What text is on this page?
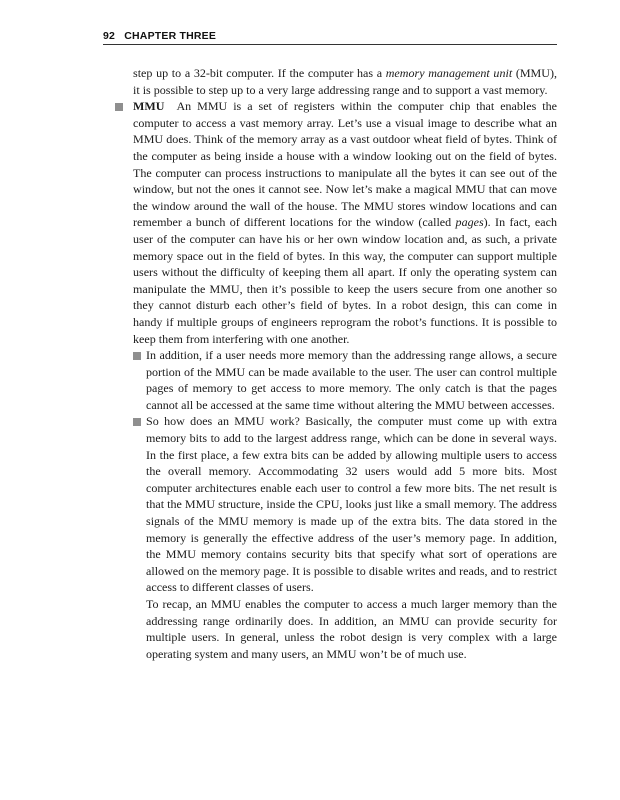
92 CHAPTER THREE

step up to a 32-bit computer. If the computer has a memory management unit (MMU), it is possible to step up to a very large addressing range and to support a vast memory.

MMU An MMU is a set of registers within the computer chip that enables the computer to access a vast memory array. Let’s use a visual image to describe what an MMU does. Think of the memory array as a vast outdoor wheat field of bytes. Think of the computer as being inside a house with a window looking out on the field of bytes. The computer can process instructions to manipulate all the bytes it can see out of the window, but not the ones it cannot see. Now let’s make a magical MMU that can move the window around the wall of the house. The MMU stores window locations and can remember a bunch of different locations for the window (called pages). In fact, each user of the computer can have his or her own window location and, as such, a private memory space out in the field of bytes. In this way, the computer can support multiple users without the difficulty of keeping them all apart. If only the operating system can manipulate the MMU, then it’s possible to keep the users secure from one another so they cannot disturb each other’s field of bytes. In a robot design, this can come in handy if multiple groups of engineers reprogram the robot’s functions. It is possible to keep them from interfering with one another.

In addition, if a user needs more memory than the addressing range allows, a secure portion of the MMU can be made available to the user. The user can control multiple pages of memory to get access to more memory. The only catch is that the pages cannot all be accessed at the same time without altering the MMU between accesses.

So how does an MMU work? Basically, the computer must come up with extra memory bits to add to the largest address range, which can be done in several ways. In the first place, a few extra bits can be added by allowing multiple users to access the overall memory. Accommodating 32 users would add 5 more bits. Most computer architectures enable each user to control a few more bits. The net result is that the MMU structure, inside the CPU, looks just like a small memory. The address signals of the MMU memory is made up of the extra bits. The data stored in the memory is generally the effective address of the user’s memory page. In addition, the MMU memory contains security bits that specify what sort of operations are allowed on the memory page. It is possible to disable writes and reads, and to restrict access to different classes of users.

To recap, an MMU enables the computer to access a much larger memory than the addressing range ordinarily does. In addition, an MMU can provide security for multiple users. In general, unless the robot design is very complex with a large operating system and many users, an MMU won’t be of much use.
